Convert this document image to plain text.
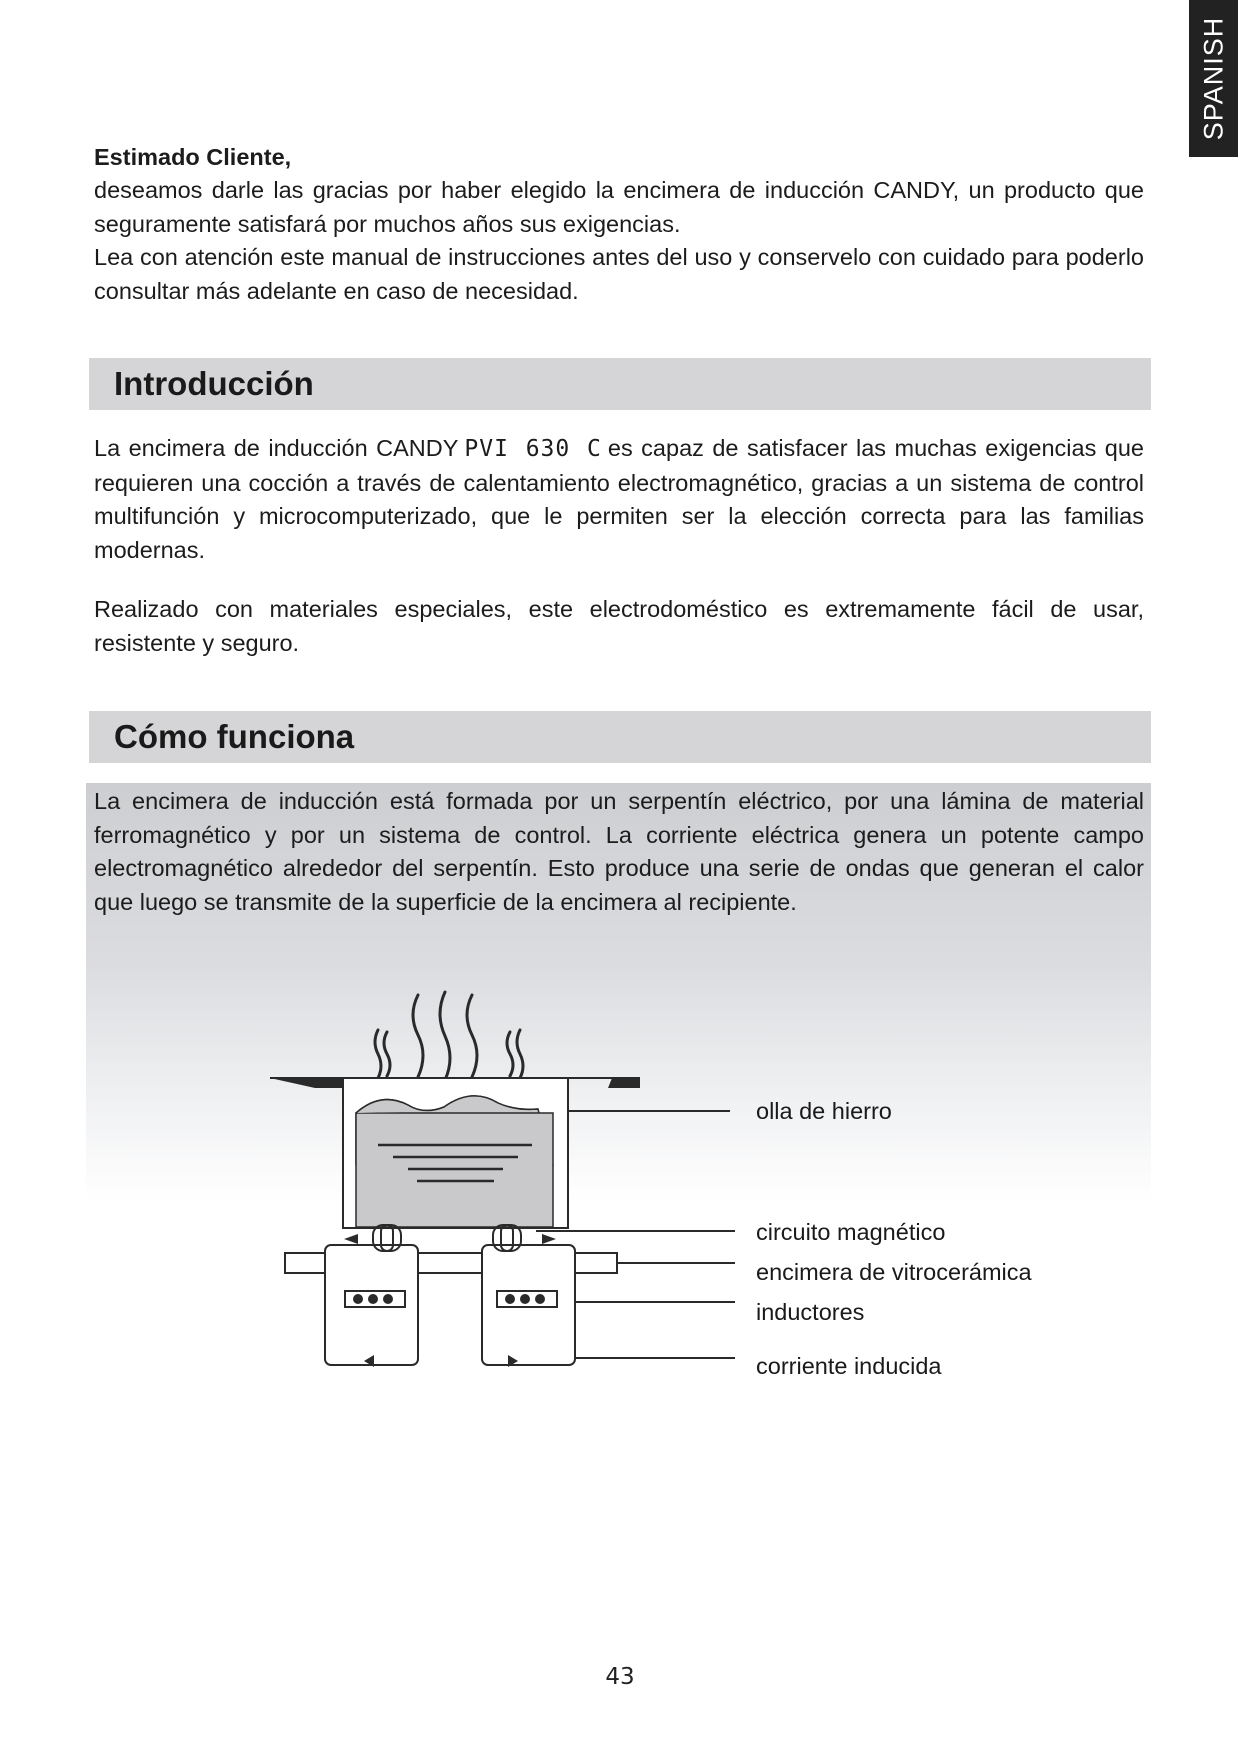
SPANISH

Estimado Cliente,

deseamos darle las gracias por haber elegido la encimera de inducción CANDY, un producto que seguramente satisfará por muchos años sus exigencias.

Lea con atención este manual de instrucciones antes del uso y conservelo con cuidado para poderlo consultar más adelante en caso de necesidad.

Introducción

La encimera de inducción CANDY PVI 630 C es capaz de satisfacer las muchas exigencias que requieren una cocción a través de calentamiento electromagnético, gracias a un sistema de control multifunción y microcomputerizado, que le permiten ser la elección correcta para las familias modernas.

Realizado con materiales especiales, este electrodoméstico es extremamente fácil de usar, resistente y seguro.

Cómo funciona

La encimera de inducción está formada por un serpentín eléctrico, por una lámina de material ferromagnético y por un sistema de control. La corriente eléctrica genera un potente campo electromagnético alrededor del serpentín. Esto produce una serie de ondas que generan el calor que luego se transmite de la superficie de la encimera al recipiente.

olla de hierro
circuito magnético
encimera de vitrocerámica
inductores
corriente inducida
43
